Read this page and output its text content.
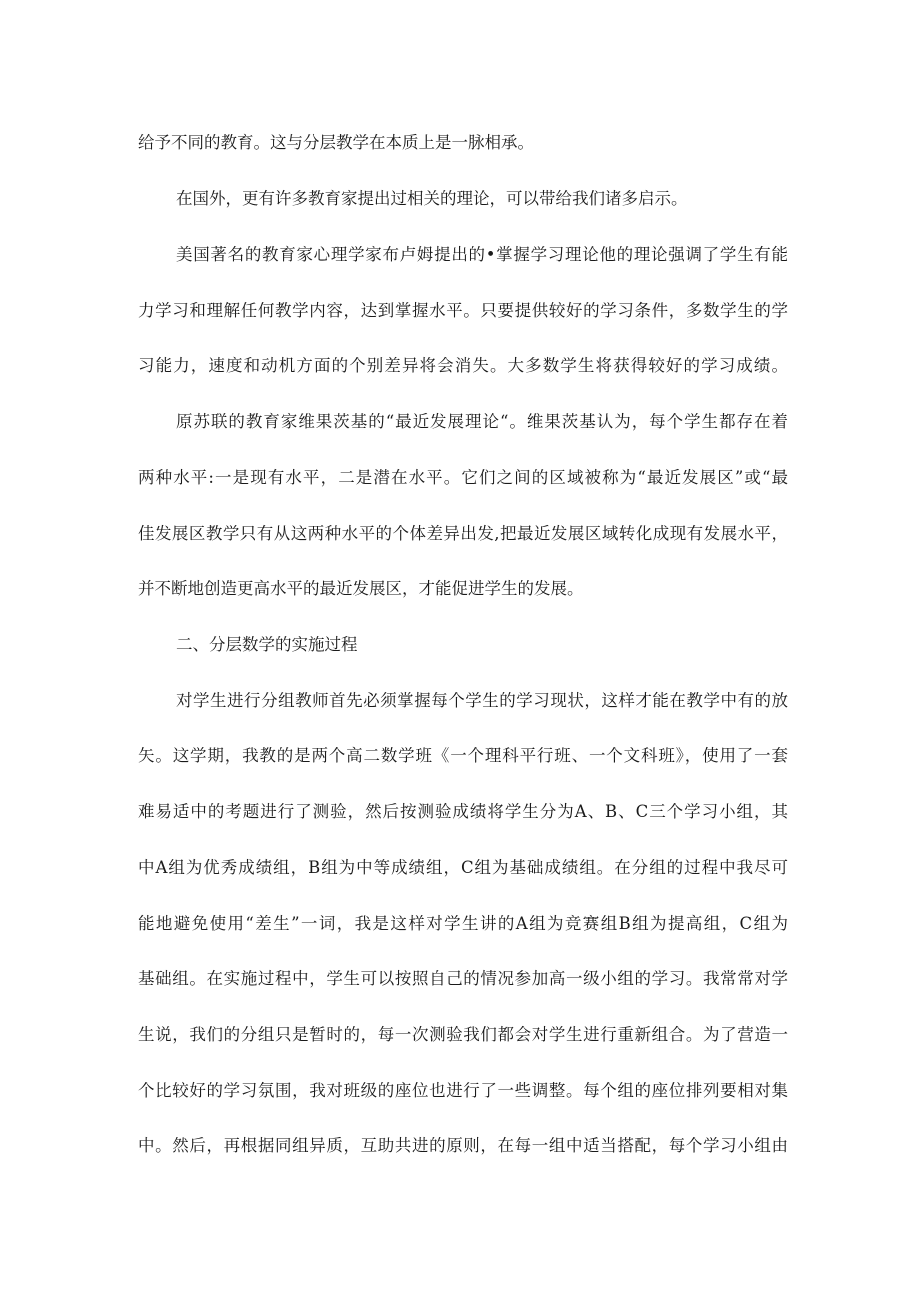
给予不同的教育。这与分层教学在本质上是一脉相承。
在国外，更有许多教育家提出过相关的理论，可以带给我们诸多启示。
美国著名的教育家心理学家布卢姆提出的•掌握学习理论他的理论强调了学生有能
力学习和理解任何教学内容，达到掌握水平。只要提供较好的学习条件，多数学生的学
习能力，速度和动机方面的个别差异将会消失。大多数学生将获得较好的学习成绩。
原苏联的教育家维果茨基的“最近发展理论“。维果茨基认为，每个学生都存在着
两种水平:一是现有水平，二是潜在水平。它们之间的区域被称为“最近发展区”或“最
佳发展区教学只有从这两种水平的个体差异出发,把最近发展区域转化成现有发展水平，
并不断地创造更高水平的最近发展区，才能促进学生的发展。
二、分层数学的实施过程
对学生进行分组教师首先必须掌握每个学生的学习现状，这样才能在教学中有的放
矢。这学期，我教的是两个高二数学班《一个理科平行班、一个文科班》，使用了一套
难易适中的考题进行了测验，然后按测验成绩将学生分为A、B、C三个学习小组，其
中A组为优秀成绩组，B组为中等成绩组，C组为基础成绩组。在分组的过程中我尽可
能地避免使用“差生”一词，我是这样对学生讲的A组为竞赛组B组为提高组，C组为
基础组。在实施过程中，学生可以按照自己的情况参加高一级小组的学习。我常常对学
生说，我们的分组只是暂时的，每一次测验我们都会对学生进行重新组合。为了营造一
个比较好的学习氛围，我对班级的座位也进行了一些调整。每个组的座位排列要相对集
中。然后，再根据同组异质，互助共进的原则，在每一组中适当搭配，每个学习小组由
